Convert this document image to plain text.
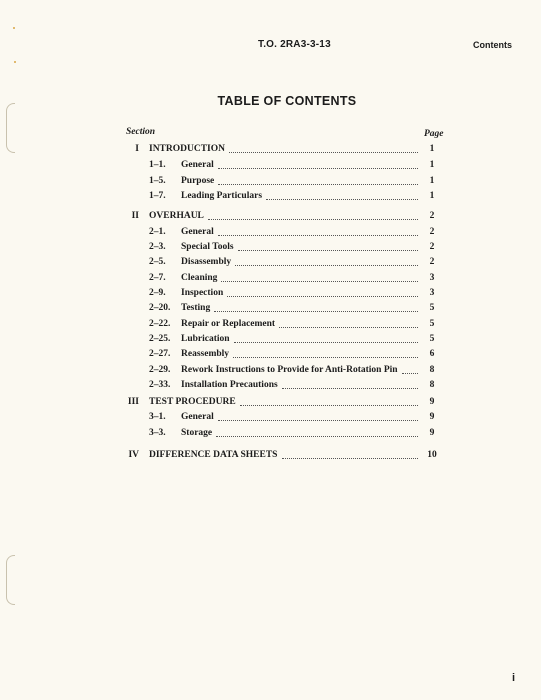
T.O. 2RA3-3-13	Contents
TABLE OF CONTENTS
Section	Page
I INTRODUCTION	1
1–1. General	1
1–5. Purpose	1
1–7. Leading Particulars	1
II OVERHAUL	2
2–1. General	2
2–3. Special Tools	2
2–5. Disassembly	2
2–7. Cleaning	3
2–9. Inspection	3
2–20. Testing	5
2–22. Repair or Replacement	5
2–25. Lubrication	5
2–27. Reassembly	6
2–29. Rework Instructions to Provide for Anti-Rotation Pin	8
2–33. Installation Precautions	8
III TEST PROCEDURE	9
3–1. General	9
3–3. Storage	9
IV DIFFERENCE DATA SHEETS	10
i
